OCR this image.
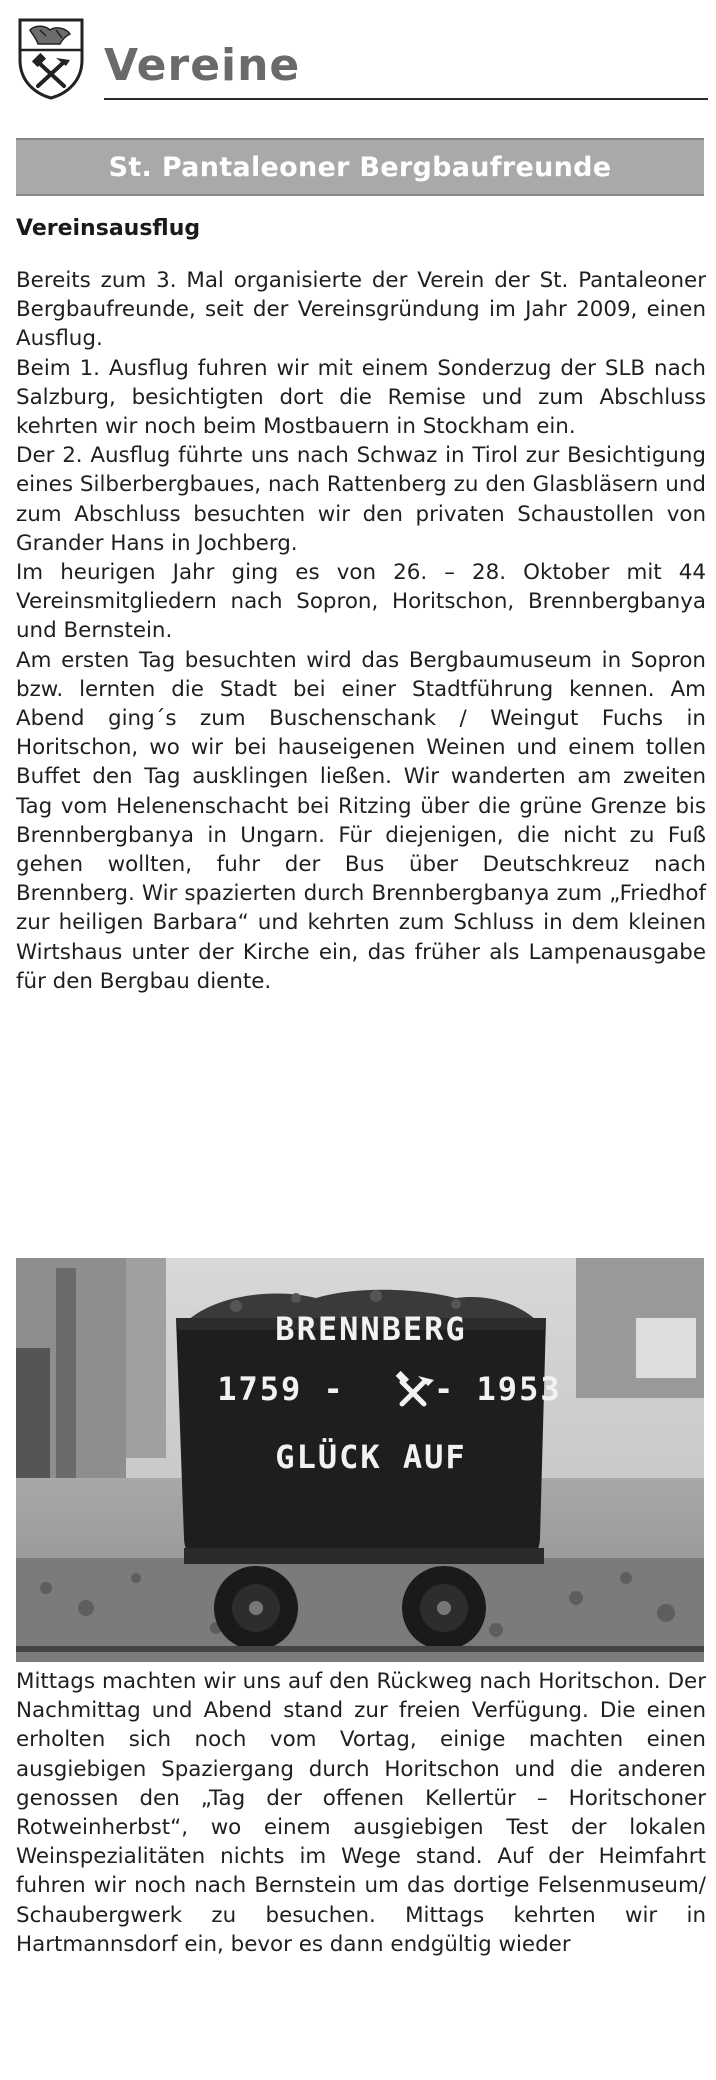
Vereine
St. Pantaleoner Bergbaufreunde
Vereinsausflug

Bereits zum 3. Mal organisierte der Verein der St. Pantaleoner Bergbaufreunde, seit der Vereinsgründung im Jahr 2009, einen Ausflug.

Beim 1. Ausflug fuhren wir mit einem Sonderzug der SLB nach Salzburg, besichtigten dort die Remise und zum Abschluss kehrten wir noch beim Mostbauern in Stockham ein.

Der 2. Ausflug führte uns nach Schwaz in Tirol zur Besichtigung eines Silberbergbaues, nach Rattenberg zu den Glasbläsern und zum Abschluss besuchten wir den privaten Schaustollen von Grander Hans in Jochberg.

Im heurigen Jahr ging es von 26. – 28. Oktober mit 44 Vereinsmitgliedern nach Sopron, Horitschon, Brennbergbanya und Bernstein.

Am ersten Tag besuchten wird das Bergbaumuseum in Sopron bzw. lernten die Stadt bei einer Stadtführung kennen. Am Abend ging´s zum Buschenschank / Weingut Fuchs in Horitschon, wo wir bei hauseigenen Weinen und einem tollen Buffet den Tag ausklingen ließen. Wir wanderten am zweiten Tag vom Helenenschacht bei Ritzing über die grüne Grenze bis Brennbergbanya in Ungarn. Für diejenigen, die nicht zu Fuß gehen wollten, fuhr der Bus über Deutschkreuz nach Brennberg. Wir spazierten durch Brennbergbanya zum „Friedhof zur heiligen Barbara“ und kehrten zum Schluss in dem kleinen Wirtshaus unter der Kirche ein, das früher als Lampenausgabe für den Bergbau diente.

BRENNBERG
1759 -	- 1953
GLÜCK AUF

Mittags machten wir uns auf den Rückweg nach Horitschon. Der Nachmittag und Abend stand zur freien Verfügung. Die einen erholten sich noch vom Vortag, einige machten einen ausgiebigen Spaziergang durch Horitschon und die anderen genossen den „Tag der offenen Kellertür – Horitschoner Rotweinherbst“, wo einem ausgiebigen Test der lokalen Weinspezialitäten nichts im Wege stand. Auf der Heimfahrt fuhren wir noch nach Bernstein um das dortige Felsenmuseum/ Schaubergwerk zu besuchen. Mittags kehrten wir in Hartmannsdorf ein, bevor es dann endgültig wieder
